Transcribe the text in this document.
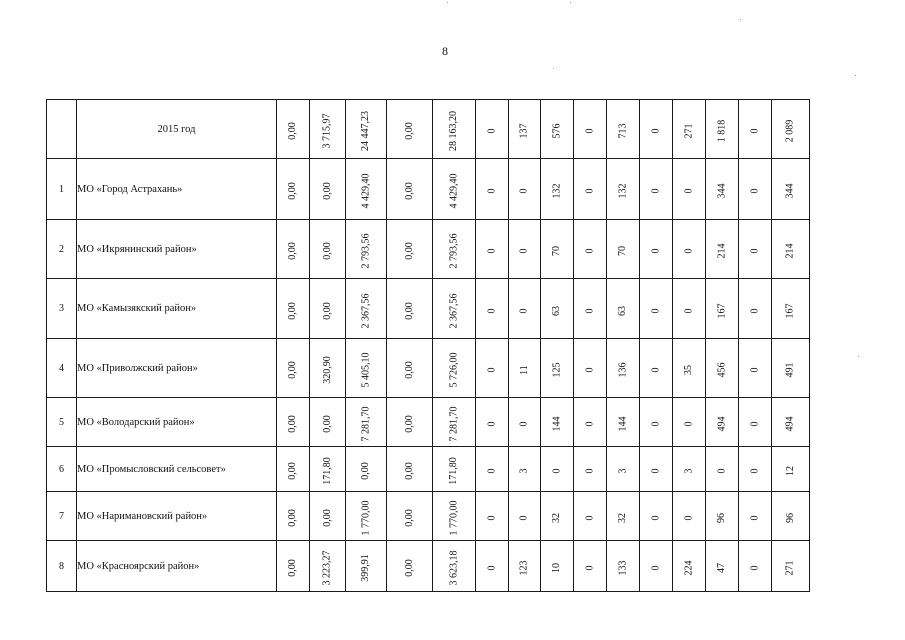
8
	2015 год	0,00	3 715,97	24 447,23	0,00	28 163,20	0	137	576	0	713	0	271	1 818	0	2 089
1	МО «Город Астрахань»	0,00	0,00	4 429,40	0,00	4 429,40	0	0	132	0	132	0	0	344	0	344
2	МО «Икрянинский район»	0,00	0,00	2 793,56	0,00	2 793,56	0	0	70	0	70	0	0	214	0	214
3	МО «Камызякский район»	0,00	0,00	2 367,56	0,00	2 367,56	0	0	63	0	63	0	0	167	0	167
4	МО «Приволжский район»	0,00	320,90	5 405,10	0,00	5 726,00	0	11	125	0	136	0	35	456	0	491
5	МО «Володарский район»	0,00	0,00	7 281,70	0,00	7 281,70	0	0	144	0	144	0	0	494	0	494
6	МО «Промысловский сельсовет»	0,00	171,80	0,00	0,00	171,80	0	3	0	0	3	0	3	0	0	12
7	МО «Наримановский район»	0,00	0,00	1 770,00	0,00	1 770,00	0	0	32	0	32	0	0	96	0	96
8	МО «Красноярский район»	0,00	3 223,27	399,91	0,00	3 623,18	0	123	10	0	133	0	224	47	0	271
